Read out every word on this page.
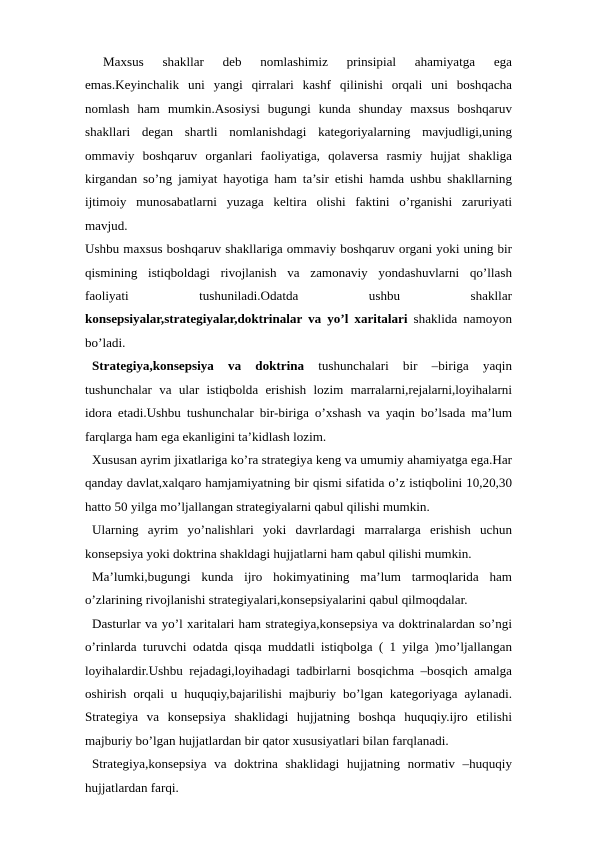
Maxsus shakllar deb nomlashimiz prinsipial ahamiyatga ega emas.Keyinchalik uni yangi qirralari kashf qilinishi orqali uni boshqacha nomlash ham mumkin.Asosiysi bugungi kunda shunday maxsus boshqaruv shakllari degan shartli nomlanishdagi kategoriyalarning mavjudligi,uning ommaviy boshqaruv organlari faoliyatiga, qolaversa rasmiy hujjat shakliga kirgandan so’ng jamiyat hayotiga ham ta’sir etishi hamda ushbu shakllarning ijtimoiy munosabatlarni yuzaga keltira olishi faktini o’rganishi zaruriyati mavjud.

Ushbu maxsus boshqaruv shakllariga ommaviy boshqaruv organi yoki uning bir qismining istiqboldagi rivojlanish va zamonaviy yondashuvlarni qo’llash faoliyati tushuniladi.Odatda ushbu shakllar konsepsiyalar,strategiyalar,doktrinalar va yo’l xaritalari shaklida namoyon bo’ladi.

Strategiya,konsepsiya va doktrina tushunchalari bir –biriga yaqin tushunchalar va ular istiqbolda erishish lozim marralarni,rejalarni,loyihalarni idora etadi.Ushbu tushunchalar bir-biriga o’xshash va yaqin bo’lsada ma’lum farqlarga ham ega ekanligini ta’kidlash lozim.

Xususan ayrim jixatlariga ko’ra strategiya keng va umumiy ahamiyatga ega.Har qanday davlat,xalqaro hamjamiyatning bir qismi sifatida o’z istiqbolini 10,20,30 hatto 50 yilga mo’ljallangan strategiyalarni qabul qilishi mumkin.

Ularning ayrim yo’nalishlari yoki davrlardagi marralarga erishish uchun konsepsiya yoki doktrina shakldagi hujjatlarni ham qabul qilishi mumkin.

Ma’lumki,bugungi kunda ijro hokimyatining ma’lum tarmoqlarida ham o’zlarining rivojlanishi strategiyalari,konsepsiyalarini qabul qilmoqdalar.

Dasturlar va yo’l xaritalari ham strategiya,konsepsiya va doktrinalardan so’ngi o’rinlarda turuvchi odatda qisqa muddatli istiqbolga ( 1 yilga )mo’ljallangan loyihalardir.Ushbu rejadagi,loyihadagi tadbirlarni bosqichma –bosqich amalga oshirish orqali u huquqiy,bajarilishi majburiy bo’lgan kategoriyaga aylanadi. Strategiya va konsepsiya shaklidagi hujjatning boshqa huquqiy.ijro etilishi majburiy bo’lgan hujjatlardan bir qator xususiyatlari bilan farqlanadi.

Strategiya,konsepsiya va doktrina shaklidagi hujjatning normativ –huquqiy hujjatlardan farqi.
